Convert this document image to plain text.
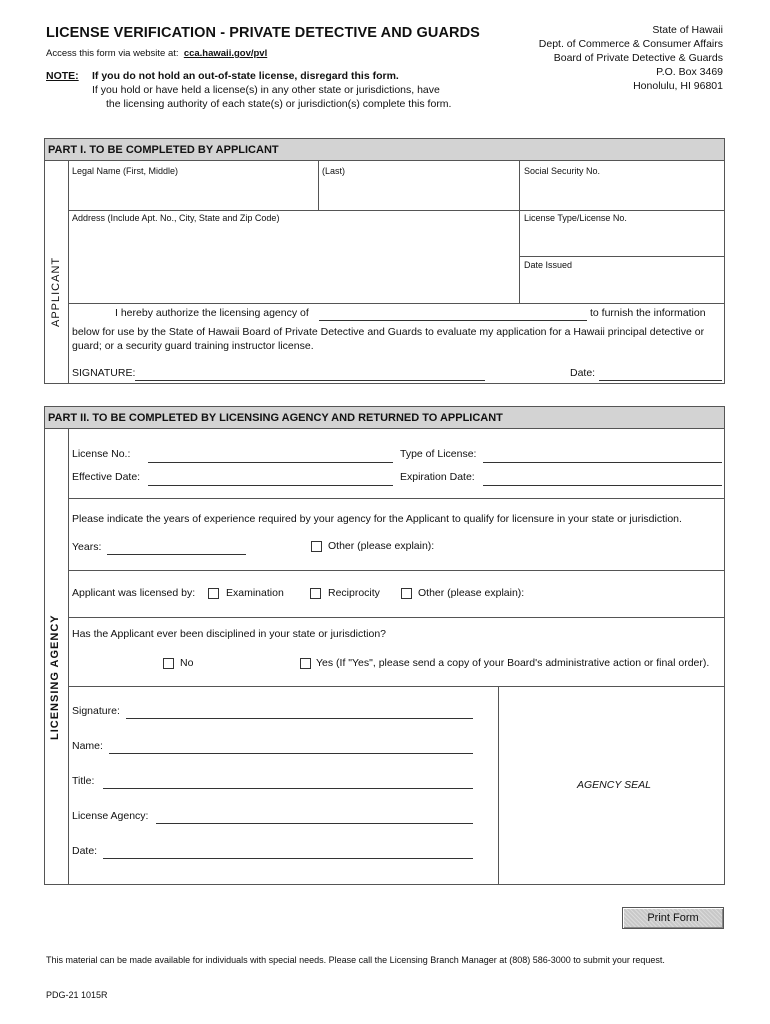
LICENSE VERIFICATION - PRIVATE DETECTIVE AND GUARDS
Access this form via website at: cca.hawaii.gov/pvl
NOTE: If you do not hold an out-of-state license, disregard this form.
If you hold or have held a license(s) in any other state or jurisdictions, have
the licensing authority of each state(s) or jurisdiction(s) complete this form.
State of Hawaii
Dept. of Commerce & Consumer Affairs
Board of Private Detective & Guards
P.O. Box 3469
Honolulu, HI 96801
PART I. TO BE COMPLETED BY APPLICANT
APPLICANT
Legal Name (First, Middle)	(Last)	Social Security No.
Address (Include Apt. No., City, State and Zip Code)	License Type/License No.
Date Issued
I hereby authorize the licensing agency of	to furnish the information
below for use by the State of Hawaii Board of Private Detective and Guards to evaluate my application for a Hawaii principal detective or
guard; or a security guard training instructor license.
SIGNATURE:	Date:
PART II. TO BE COMPLETED BY LICENSING AGENCY AND RETURNED TO APPLICANT
LICENSING AGENCY
License No.:	Type of License:
Effective Date:	Expiration Date:
Please indicate the years of experience required by your agency for the Applicant to qualify for licensure in your state or jurisdiction.
Years:	Other (please explain):
Applicant was licensed by:	Examination	Reciprocity	Other (please explain):
Has the Applicant ever been disciplined in your state or jurisdiction?
No	Yes (If "Yes", please send a copy of your Board's administrative action or final order).
Signature:
Name:
Title:
License Agency:
Date:
AGENCY SEAL
Print Form
This material can be made available for individuals with special needs. Please call the Licensing Branch Manager at (808) 586-3000 to submit your request.
PDG-21 1015R
